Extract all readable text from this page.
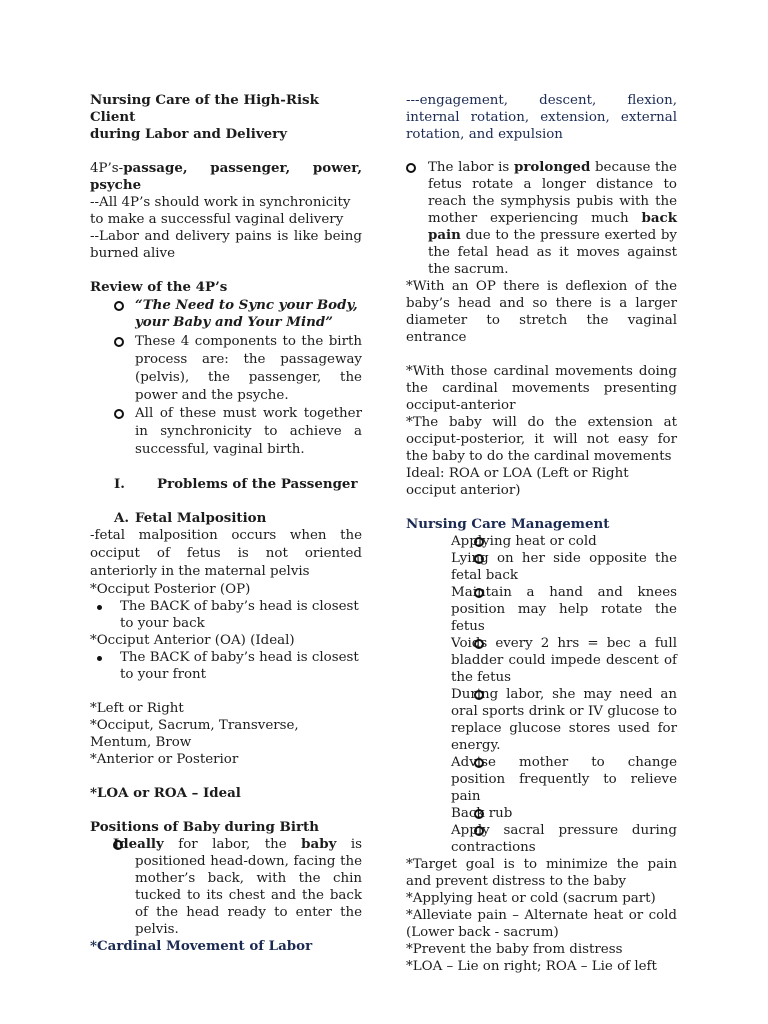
Nursing Care of the High-Risk Client
during Labor and Delivery

4P’s-passage, passenger, power,

psyche

--All 4P’s should work in synchronicity to make a successful vaginal delivery

--Labor and delivery pains is like being burned alive

Review of the 4P’s

“The Need to Sync your Body, your Baby and Your Mind”

These 4 components to the birth process are: the passageway (pelvis), the passenger, the power and the psyche.

All of these must work together in synchronicity to achieve a successful, vaginal birth.

I. Problems of the Passenger

A. Fetal Malposition

-fetal malposition occurs when the occiput of fetus is not oriented anteriorly in the maternal pelvis

*Occiput Posterior (OP)

The BACK of baby’s head is closest to your back

*Occiput Anterior (OA) (Ideal)

The BACK of baby’s head is closest to your front

*Left or Right

*Occiput, Sacrum, Transverse, Mentum, Brow

*Anterior or Posterior

*LOA or ROA – Ideal

Positions of Baby during Birth

Ideally for labor, the baby is

positioned head-down, facing the mother’s back, with the chin tucked to its chest and the back of the head ready to enter the pelvis.

*Cardinal Movement of Labor

---engagement, descent, flexion, internal rotation, extension, external rotation, and expulsion

The labor is prolonged because the fetus rotate a longer distance to reach the symphysis pubis with the mother experiencing much back pain due to the pressure exerted by the fetal head as it moves against the sacrum.

*With an OP there is deflexion of the baby’s head and so there is a larger diameter to stretch the vaginal entrance

*With those cardinal movements doing the cardinal movements presenting occiput-anterior

*The baby will do the extension at occiput-posterior, it will not easy for the baby to do the cardinal movements

Ideal: ROA or LOA (Left or Right occiput anterior)

Nursing Care Management

Applying heat or cold

Lying on her side opposite the fetal back

Maintain a hand and knees position may help rotate the fetus

Voids every 2 hrs = bec a full bladder could impede descent of the fetus

During labor, she may need an oral sports drink or IV glucose to replace glucose stores used for energy.

Advise mother to change position frequently to relieve pain

Back rub

Apply sacral pressure during contractions

*Target goal is to minimize the pain and prevent distress to the baby

*Applying heat or cold (sacrum part)

*Alleviate pain – Alternate heat or cold (Lower back - sacrum)

*Prevent the baby from distress

*LOA – Lie on right; ROA – Lie of left
